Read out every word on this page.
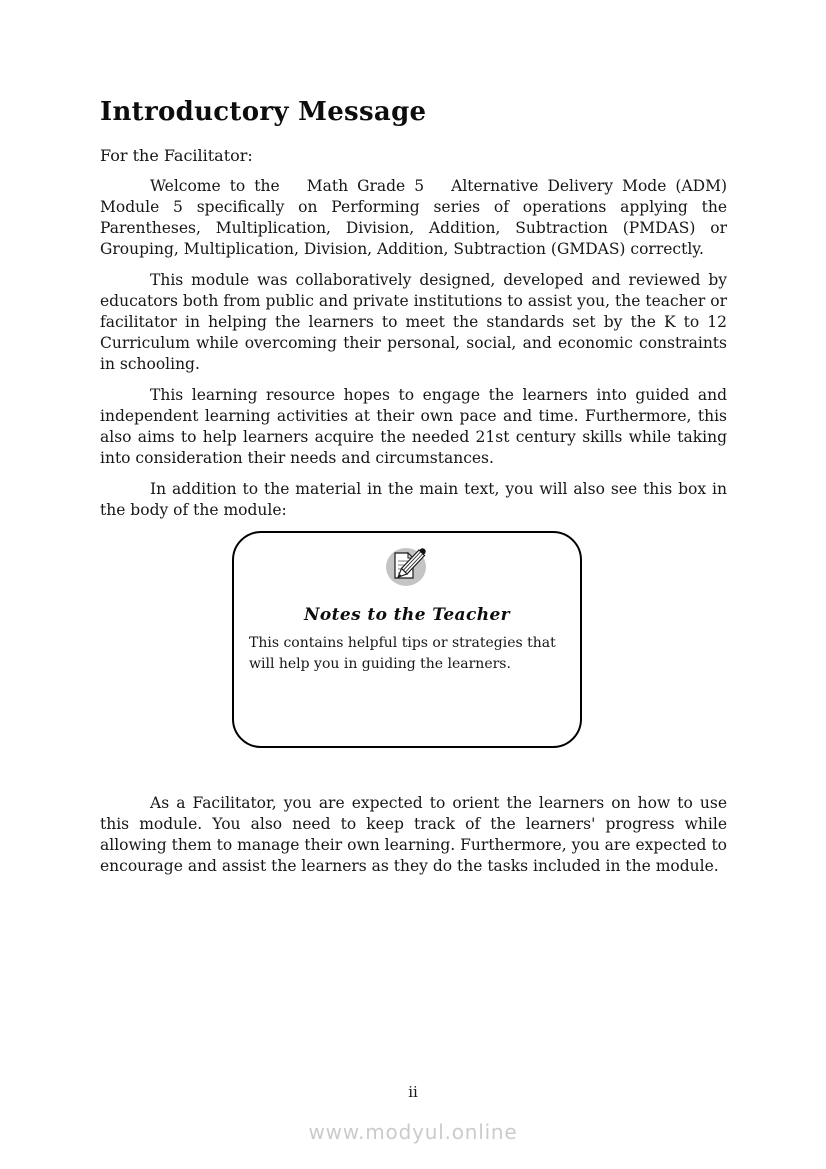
Introductory Message

For the Facilitator:

Welcome to the   Math Grade 5   Alternative Delivery Mode (ADM) Module 5 specifically on Performing series of operations applying the Parentheses, Multiplication, Division, Addition, Subtraction (PMDAS) or Grouping, Multiplication, Division, Addition, Subtraction (GMDAS) correctly.

This module was collaboratively designed, developed and reviewed by educators both from public and private institutions to assist you, the teacher or facilitator in helping the learners to meet the standards set by the K to 12 Curriculum while overcoming their personal, social, and economic constraints in schooling.

This learning resource hopes to engage the learners into guided and independent learning activities at their own pace and time. Furthermore, this also aims to help learners acquire the needed 21st century skills while taking into consideration their needs and circumstances.

In addition to the material in the main text, you will also see this box in the body of the module:

Notes to the Teacher
This contains helpful tips or strategies that
will help you in guiding the learners.

As a Facilitator, you are expected to orient the learners on how to use this module. You also need to keep track of the learners' progress while allowing them to manage their own learning. Furthermore, you are expected to encourage and assist the learners as they do the tasks included in the module.

ii
www.modyul.online
